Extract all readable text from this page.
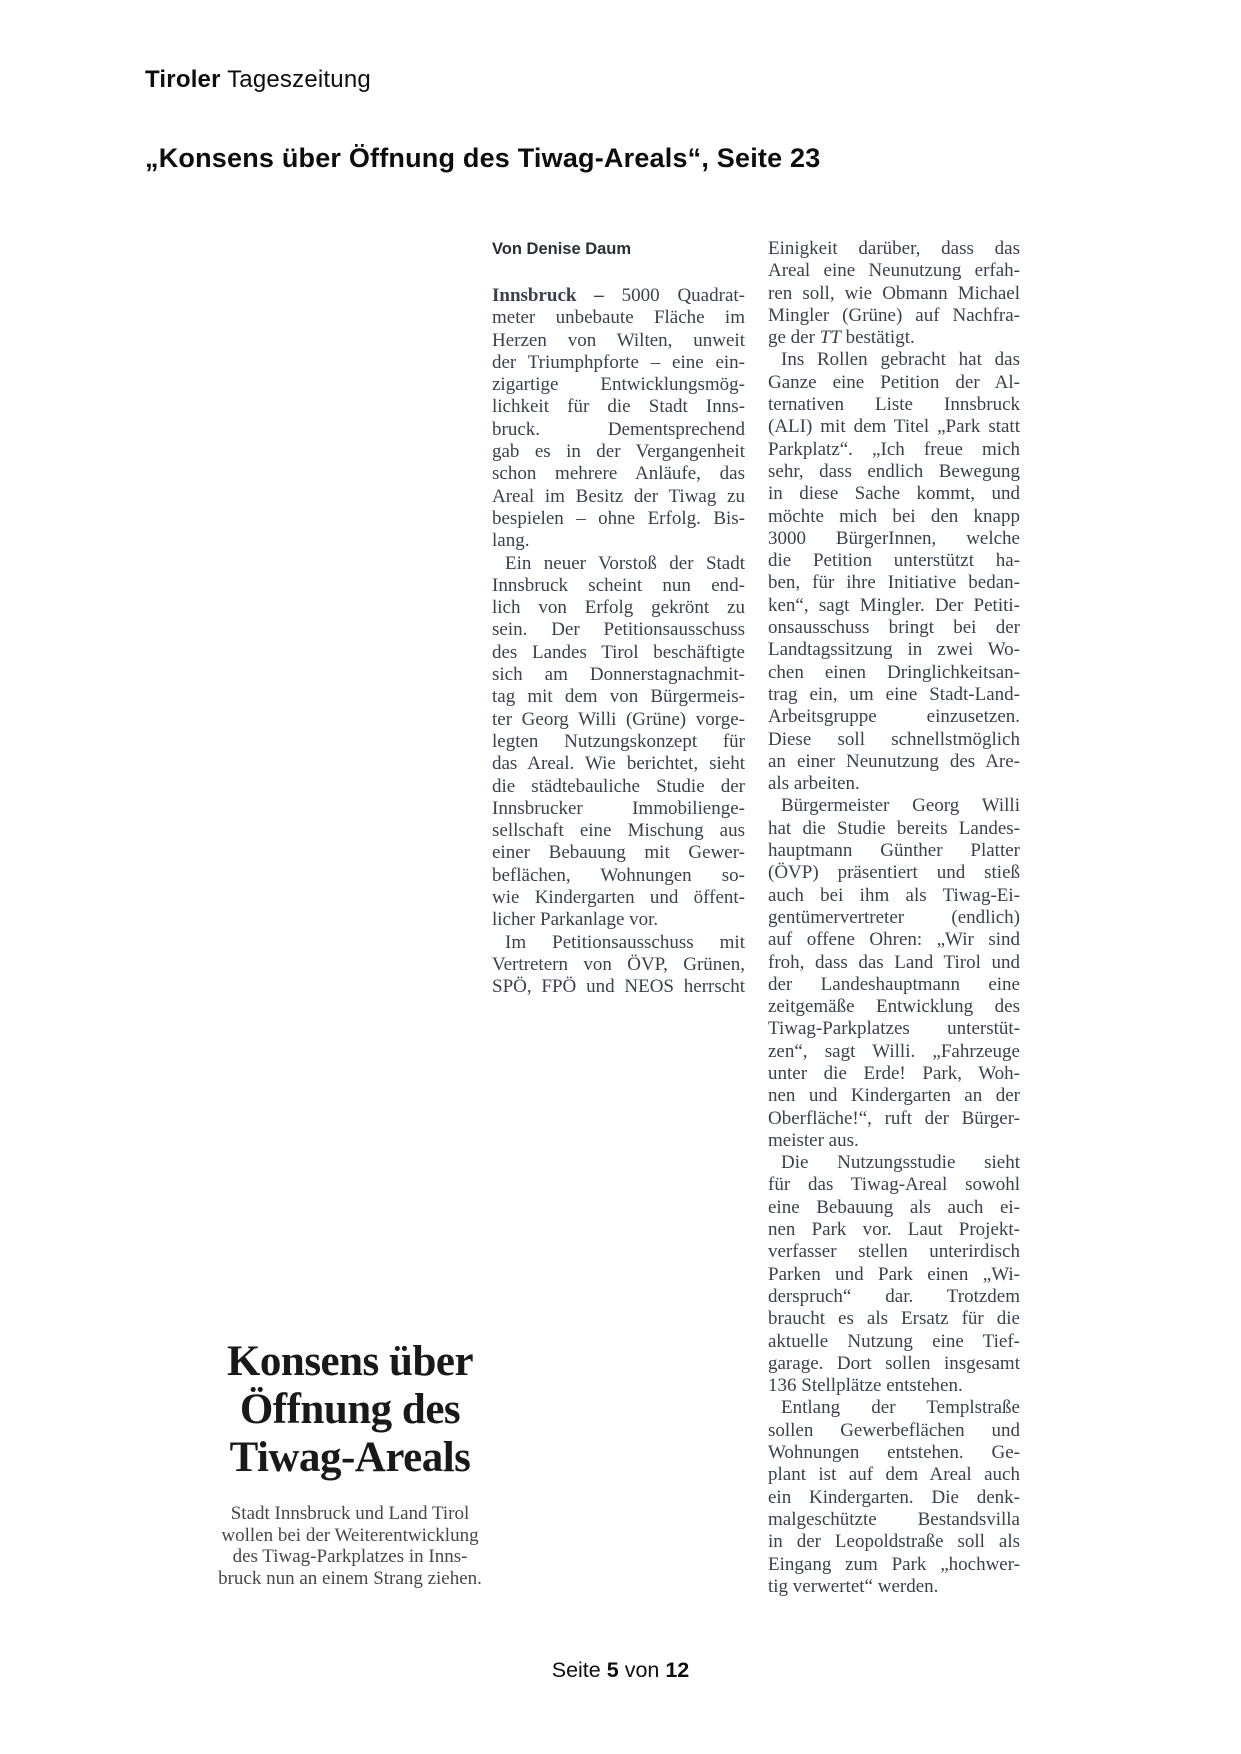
Tiroler Tageszeitung
„Konsens über Öffnung des Tiwag-Areals“, Seite 23
Von Denise Daum
Innsbruck – 5000 Quadrat-
meter unbebaute Fläche im
Herzen von Wilten, unweit
der Triumphpforte – eine ein-
zigartige Entwicklungsmög-
lichkeit für die Stadt Inns-
bruck. Dementsprechend
gab es in der Vergangenheit
schon mehrere Anläufe, das
Areal im Besitz der Tiwag zu
bespielen – ohne Erfolg. Bis-
lang.
Ein neuer Vorstoß der Stadt
Innsbruck scheint nun end-
lich von Erfolg gekrönt zu
sein. Der Petitionsausschuss
des Landes Tirol beschäftigte
sich am Donnerstagnachmit-
tag mit dem von Bürgermeis-
ter Georg Willi (Grüne) vorge-
legten Nutzungskonzept für
das Areal. Wie berichtet, sieht
die städtebauliche Studie der
Innsbrucker Immobilienge-
sellschaft eine Mischung aus
einer Bebauung mit Gewer-
beflächen, Wohnungen so-
wie Kindergarten und öffent-
licher Parkanlage vor.
Im Petitionsausschuss mit
Vertretern von ÖVP, Grünen,
SPÖ, FPÖ und NEOS herrscht
Einigkeit darüber, dass das
Areal eine Neunutzung erfah-
ren soll, wie Obmann Michael
Mingler (Grüne) auf Nachfra-
ge der TT bestätigt.
Ins Rollen gebracht hat das
Ganze eine Petition der Al-
ternativen Liste Innsbruck
(ALI) mit dem Titel „Park statt
Parkplatz“. „Ich freue mich
sehr, dass endlich Bewegung
in diese Sache kommt, und
möchte mich bei den knapp
3000 BürgerInnen, welche
die Petition unterstützt ha-
ben, für ihre Initiative bedan-
ken“, sagt Mingler. Der Petiti-
onsausschuss bringt bei der
Landtagssitzung in zwei Wo-
chen einen Dringlichkeitsan-
trag ein, um eine Stadt-Land-
Arbeitsgruppe einzusetzen.
Diese soll schnellstmöglich
an einer Neunutzung des Are-
als arbeiten.
Bürgermeister Georg Willi
hat die Studie bereits Landes-
hauptmann Günther Platter
(ÖVP) präsentiert und stieß
auch bei ihm als Tiwag-Ei-
gentümervertreter (endlich)
auf offene Ohren: „Wir sind
froh, dass das Land Tirol und
der Landeshauptmann eine
zeitgemäße Entwicklung des
Tiwag-Parkplatzes unterstüt-
zen“, sagt Willi. „Fahrzeuge
unter die Erde! Park, Woh-
nen und Kindergarten an der
Oberfläche!“, ruft der Bürger-
meister aus.
Die Nutzungsstudie sieht
für das Tiwag-Areal sowohl
eine Bebauung als auch ei-
nen Park vor. Laut Projekt-
verfasser stellen unterirdisch
Parken und Park einen „Wi-
derspruch“ dar. Trotzdem
braucht es als Ersatz für die
aktuelle Nutzung eine Tief-
garage. Dort sollen insgesamt
136 Stellplätze entstehen.
Entlang der Templstraße
sollen Gewerbeflächen und
Wohnungen entstehen. Ge-
plant ist auf dem Areal auch
ein Kindergarten. Die denk-
malgeschützte Bestandsvilla
in der Leopoldstraße soll als
Eingang zum Park „hochwer-
tig verwertet“ werden.
Konsens über
Öffnung des
Tiwag-Areals
Stadt Innsbruck und Land Tirol
wollen bei der Weiterentwicklung
des Tiwag-Parkplatzes in Inns-
bruck nun an einem Strang ziehen.
Seite 5 von 12
